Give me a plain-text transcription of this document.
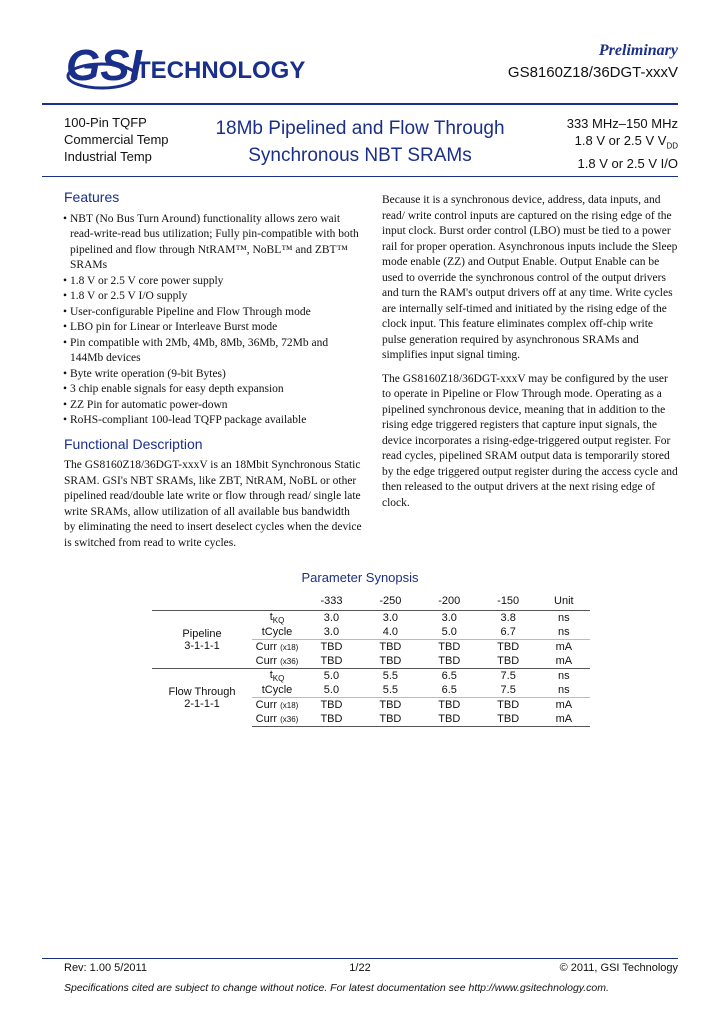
GSI
TECHNOLOGY
Preliminary
GS8160Z18/36DGT-xxxV
100-Pin TQFP
Commercial Temp
Industrial Temp
18Mb Pipelined and Flow Through
Synchronous NBT SRAMs
333 MHz–150 MHz
1.8 V or 2.5 V $V_{DD}$
1.8 V or 2.5 V I/O
Features
• NBT (No Bus Turn Around) functionality allows zero wait read-write-read bus utilization; Fully pin-compatible with both pipelined and flow through NtRAM™, NoBL™ and ZBT™ SRAMs
• 1.8 V or 2.5 V core power supply
• 1.8 V or 2.5 V I/O supply
• User-configurable Pipeline and Flow Through mode
• LBO pin for Linear or Interleave Burst mode
• Pin compatible with 2Mb, 4Mb, 8Mb, 36Mb, 72Mb and 144Mb devices
• Byte write operation (9-bit Bytes)
• 3 chip enable signals for easy depth expansion
• ZZ Pin for automatic power-down
• RoHS-compliant 100-lead TQFP package available
Functional Description

The GS8160Z18/36DGT-xxxV is an 18Mbit Synchronous Static SRAM. GSI's NBT SRAMs, like ZBT, NtRAM, NoBL or other pipelined read/double late write or flow through read/ single late write SRAMs, allow utilization of all available bus bandwidth by eliminating the need to insert deselect cycles when the device is switched from read to write cycles.

Because it is a synchronous device, address, data inputs, and read/ write control inputs are captured on the rising edge of the input clock. Burst order control (LBO) must be tied to a power rail for proper operation. Asynchronous inputs include the Sleep mode enable (ZZ) and Output Enable. Output Enable can be used to override the synchronous control of the output drivers and turn the RAM's output drivers off at any time. Write cycles are internally self-timed and initiated by the rising edge of the clock input. This feature eliminates complex off-chip write pulse generation required by asynchronous SRAMs and simplifies input signal timing.

The GS8160Z18/36DGT-xxxV may be configured by the user to operate in Pipeline or Flow Through mode. Operating as a pipelined synchronous device, meaning that in addition to the rising edge triggered registers that capture input signals, the device incorporates a rising-edge-triggered output register. For read cycles, pipelined SRAM output data is temporarily stored by the edge triggered output register during the access cycle and then released to the output drivers at the next rising edge of clock.

Parameter Synopsis
		-333	-250	-200	-150	Unit

Pipeline
3-1-1-1	$t_{KQ}$	3.0	3.0	3.0	3.8	ns
	tCycle	3.0	4.0	5.0	6.7	ns
	Curr (x18)	TBD	TBD	TBD	TBD	mA
	Curr (x36)	TBD	TBD	TBD	TBD	mA

Flow Through
2-1-1-1	$t_{KQ}$	5.0	5.5	6.5	7.5	ns
	tCycle	5.0	5.5	6.5	7.5	ns
	Curr (x18)	TBD	TBD	TBD	TBD	mA
	Curr (x36)	TBD	TBD	TBD	TBD	mA
Rev: 1.00 5/2011	1/22	© 2011, GSI Technology
Specifications cited are subject to change without notice. For latest documentation see http://www.gsitechnology.com.
